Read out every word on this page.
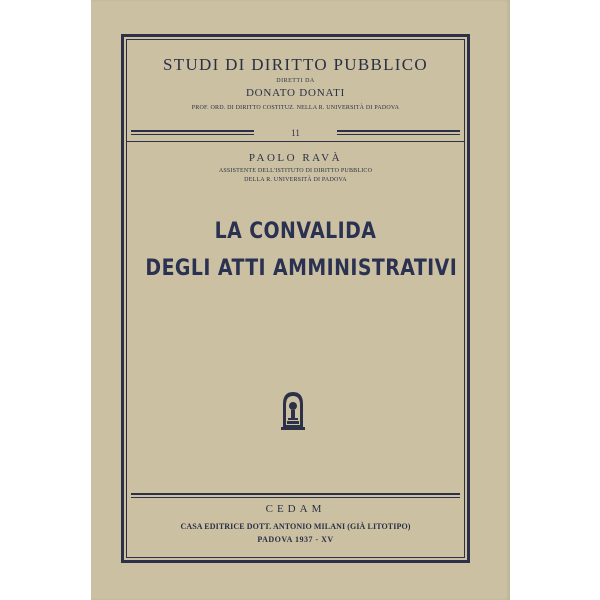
STUDI DI DIRITTO PUBBLICO
DIRETTI DA
DONATO DONATI
PROF. ORD. DI DIRITTO COSTITUZ. NELLA R. UNIVERSITÀ DI PADOVA
11
PAOLO RAVÀ
ASSISTENTE DELL'ISTITUTO DI DIRITTO PUBBLICO
DELLA R. UNIVERSITÀ DI PADOVA
LA CONVALIDA
DEGLI ATTI AMMINISTRATIVI
CEDAM
CASA EDITRICE DOTT. ANTONIO MILANI (GIÀ LITOTIPO)
PADOVA 1937 - XV
